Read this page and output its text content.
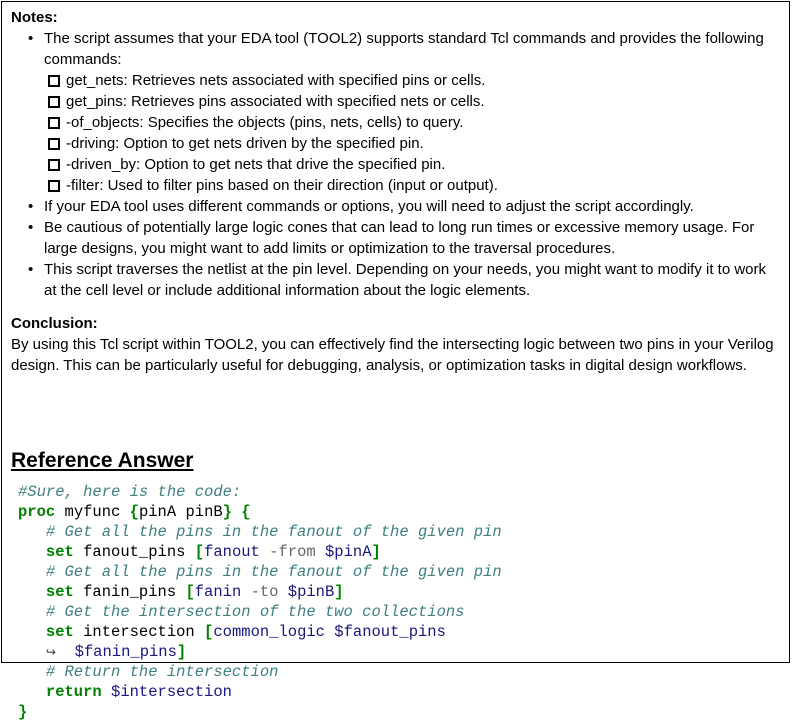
Notes:
• The script assumes that your EDA tool (TOOL2) supports standard Tcl commands and provides the following commands:
get_nets: Retrieves nets associated with specified pins or cells.
get_pins: Retrieves pins associated with specified nets or cells.
-of_objects: Specifies the objects (pins, nets, cells) to query.
-driving: Option to get nets driven by the specified pin.
-driven_by: Option to get nets that drive the specified pin.
-filter: Used to filter pins based on their direction (input or output).
• If your EDA tool uses different commands or options, you will need to adjust the script accordingly.
• Be cautious of potentially large logic cones that can lead to long run times or excessive memory usage. For large designs, you might want to add limits or optimization to the traversal procedures.
• This script traverses the netlist at the pin level. Depending on your needs, you might want to modify it to work at the cell level or include additional information about the logic elements.
Conclusion:
By using this Tcl script within TOOL2, you can effectively find the intersecting logic between two pins in your Verilog design. This can be particularly useful for debugging, analysis, or optimization tasks in digital design workflows.
Reference Answer
#Sure, here is the code:
proc myfunc {pinA pinB} {
# Get all the pins in the fanout of the given pin
set fanout_pins [fanout -from $pinA]
# Get all the pins in the fanout of the given pin
set fanin_pins [fanin -to $pinB]
# Get the intersection of the two collections
set intersection [common_logic $fanout_pins
↪ $fanin_pins]
# Return the intersection
return $intersection
}
